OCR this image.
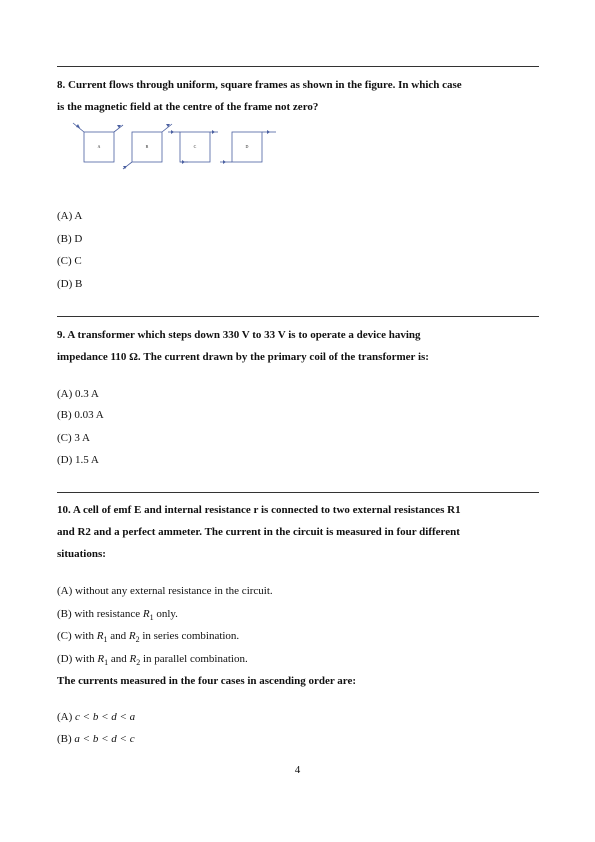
8. Current flows through uniform, square frames as shown in the figure. In which case

is the magnetic field at the centre of the frame not zero?

A	B	C	D
(A) A
(B) D
(C) C
(D) B

9. A transformer which steps down 330 V to 33 V is to operate a device having

impedance 110 Ω. The current drawn by the primary coil of the transformer is:

(A) 0.3 A
(B) 0.03 A
(C) 3 A
(D) 1.5 A

10. A cell of emf E and internal resistance r is connected to two external resistances R1

and R2 and a perfect ammeter. The current in the circuit is measured in four different

situations:

(A) without any external resistance in the circuit.
(B) with resistance $R_1$ only.
(C) with $R_1$ and $R_2$ in series combination.
(D) with $R_1$ and $R_2$ in parallel combination.
The currents measured in the four cases in ascending order are:
(A) c < b < d < a
(B) a < b < d < c
4
